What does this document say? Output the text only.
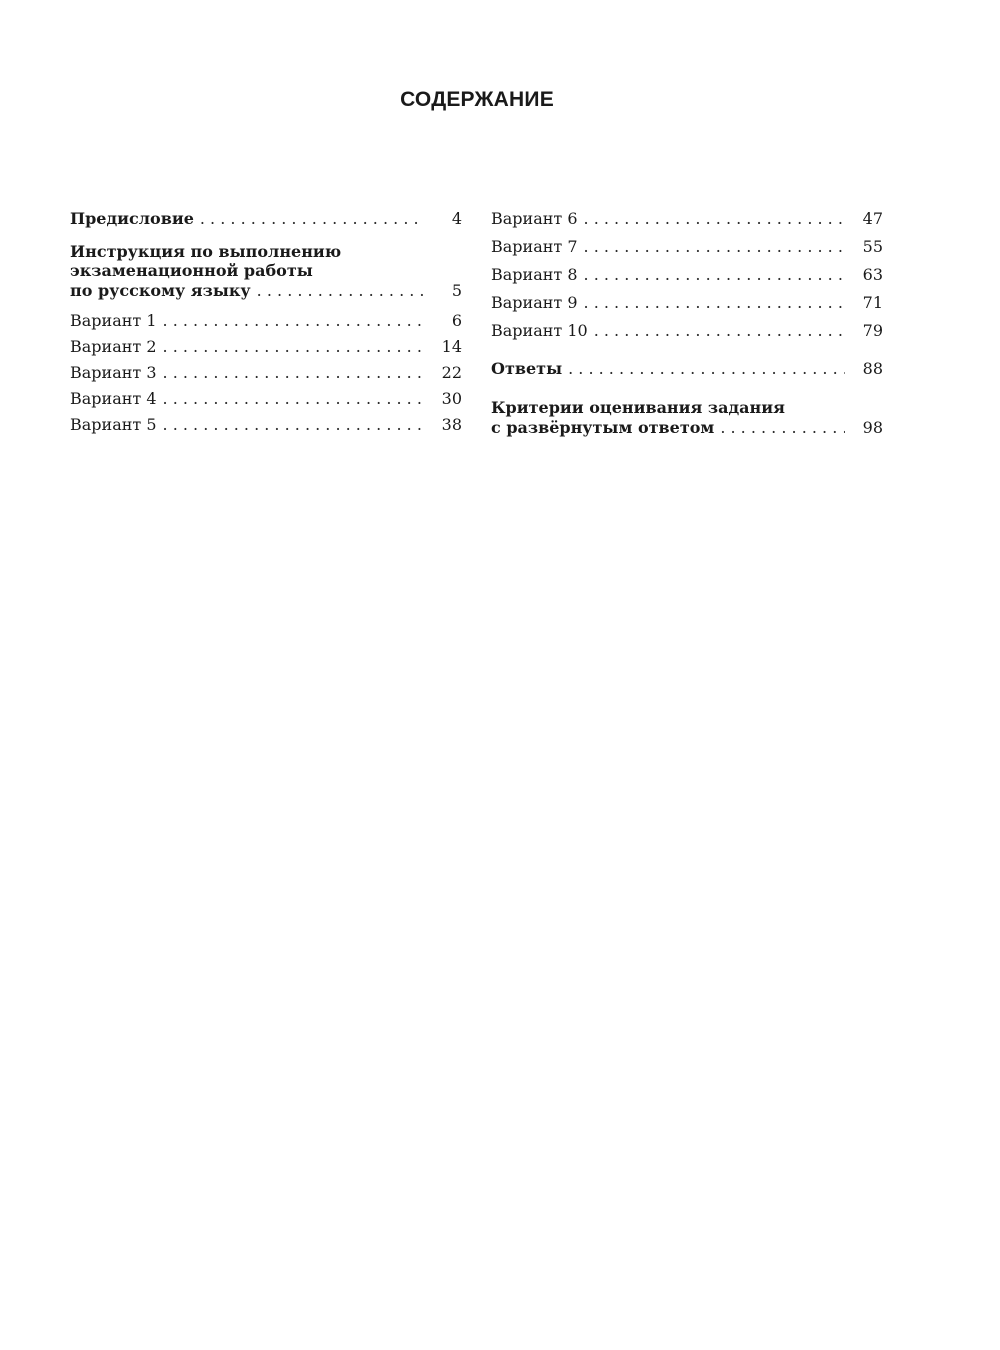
СОДЕРЖАНИЕ
Предисловие . . .	4
Инструкция по выполнению
экзаменационной работы
по русскому языку . . .	5
Вариант 1 . . .	6
Вариант 2 . . .	14
Вариант 3 . . .	22
Вариант 4 . . .	30
Вариант 5 . . .	38
Вариант 6 . . .	47
Вариант 7 . . .	55
Вариант 8 . . .	63
Вариант 9 . . .	71
Вариант 10 . . .	79
Ответы . . .	88
Критерии оценивания задания
с развёрнутым ответом . . .	98
